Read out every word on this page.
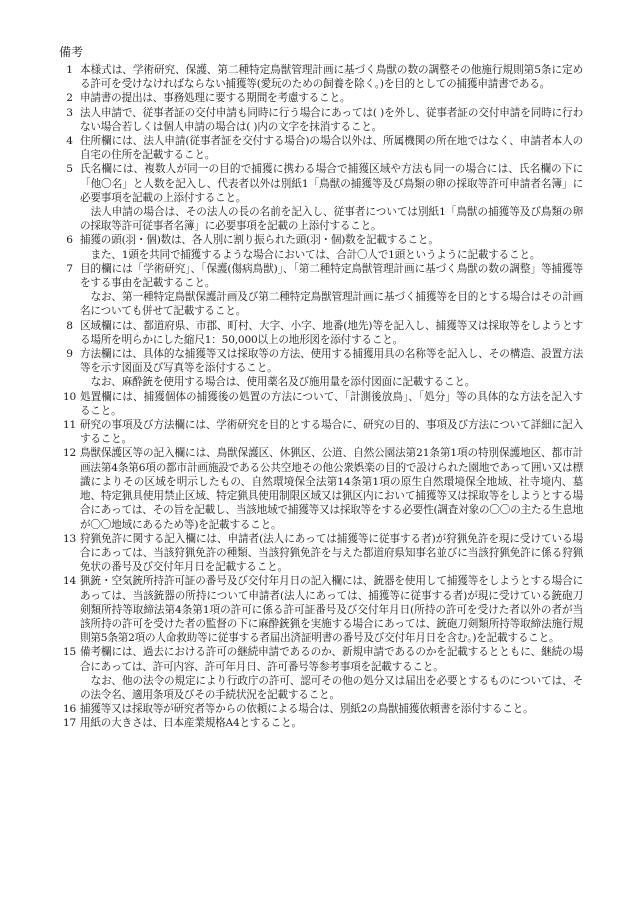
備考
1 本様式は、学術研究、保護、第二種特定鳥獣管理計画に基づく鳥獣の数の調整その他施行規則第5条に定める許可を受けなければならない捕獲等(愛玩のための飼養を除く。)を目的としての捕獲申請書である。

2 申請書の提出は、事務処理に要する期間を考慮すること。

3 法人申請で、従事者証の交付申請も同時に行う場合にあっては( )を外し、従事者証の交付申請を同時に行わない場合若しくは個人申請の場合は( )内の文字を抹消すること。

4 住所欄には、法人申請(従事者証を交付する場合)の場合以外は、所属機関の所在地ではなく、申請者本人の自宅の住所を記載すること。

5 氏名欄には、複数人が同一の目的で捕獲に携わる場合で捕獲区域や方法も同一の場合には、氏名欄の下に「他〇名」と人数を記入し、代表者以外は別紙1「鳥獣の捕獲等及び鳥類の卵の採取等許可申請者名簿」に必要事項を記載の上添付すること。

法人申請の場合は、その法人の長の名前を記入し、従事者については別紙1「鳥獣の捕獲等及び鳥類の卵の採取等許可従事者名簿」に必要事項を記載の上添付すること。

6 捕獲の頭(羽・個)数は、各人別に割り振られた頭(羽・個)数を記載すること。

また、1頭を共同で捕獲するような場合においては、合計〇人で1頭というように記載すること。

7 目的欄には「学術研究」、「保護(傷病鳥獣)」、「第二種特定鳥獣管理計画に基づく鳥獣の数の調整」等捕獲等をする事由を記載すること。

なお、第一種特定鳥獣保護計画及び第二種特定鳥獣管理計画に基づく捕獲等を目的とする場合はその計画名についても併せて記載すること。

8 区域欄には、都道府県、市郡、町村、大字、小字、地番(地先)等を記入し、捕獲等又は採取等をしようとする場所を明らかにした縮尺1：50,000以上の地形図を添付すること。

9 方法欄には、具体的な捕獲等又は採取等の方法、使用する捕獲用具の名称等を記入し、その構造、設置方法等を示す図面及び写真等を添付すること。

なお、麻酔銃を使用する場合は、使用薬名及び施用量を添付図面に記載すること。

10 処置欄には、捕獲個体の捕獲後の処置の方法について、「計測後放鳥」、「処分」等の具体的な方法を記入すること。

11 研究の事項及び方法欄には、学術研究を目的とする場合に、研究の目的、事項及び方法について詳細に記入すること。

12 鳥獣保護区等の記入欄には、鳥獣保護区、休猟区、公道、自然公園法第21条第1項の特別保護地区、都市計画法第4条第6項の都市計画施設である公共空地その他公衆娯楽の目的で設けられた園地であって囲い又は標識によりその区域を明示したもの、自然環境保全法第14条第1項の原生自然環境保全地域、社寺境内、墓地、特定猟具使用禁止区域、特定猟具使用制限区域又は猟区内において捕獲等又は採取等をしようとする場合にあっては、その旨を記載し、当該地域で捕獲等又は採取等をする必要性(調査対象の〇〇の主たる生息地が〇〇地域にあるため等)を記載すること。

13 狩猟免許に関する記入欄には、申請者(法人にあっては捕獲等に従事する者)が狩猟免許を現に受けている場合にあっては、当該狩猟免許の種類、当該狩猟免許を与えた都道府県知事名並びに当該狩猟免許に係る狩猟免状の番号及び交付年月日を記載すること。

14 猟銃・空気銃所持許可証の番号及び交付年月日の記入欄には、銃器を使用して捕獲等をしようとする場合にあっては、当該銃器の所持について申請者(法人にあっては、捕獲等に従事する者)が現に受けている銃砲刀剣類所持等取締法第4条第1項の許可に係る許可証番号及び交付年月日(所持の許可を受けた者以外の者が当該所持の許可を受けた者の監督の下に麻酔銃猟を実施する場合にあっては、銃砲刀剣類所持等取締法施行規則第5条第2項の人命救助等に従事する者届出済証明書の番号及び交付年月日を含む。)を記載すること。

15 備考欄には、過去における許可の継続申請であるのか、新規申請であるのかを記載するとともに、継続の場合にあっては、許可内容、許可年月日、許可番号等参考事項を記載すること。

なお、他の法令の規定により行政庁の許可、認可その他の処分又は届出を必要とするものについては、その法令名、適用条項及びその手続状況を記載すること。

16 捕獲等又は採取等が研究者等からの依頼による場合は、別紙2の鳥獣捕獲依頼書を添付すること。

17 用紙の大きさは、日本産業規格A4とすること。
